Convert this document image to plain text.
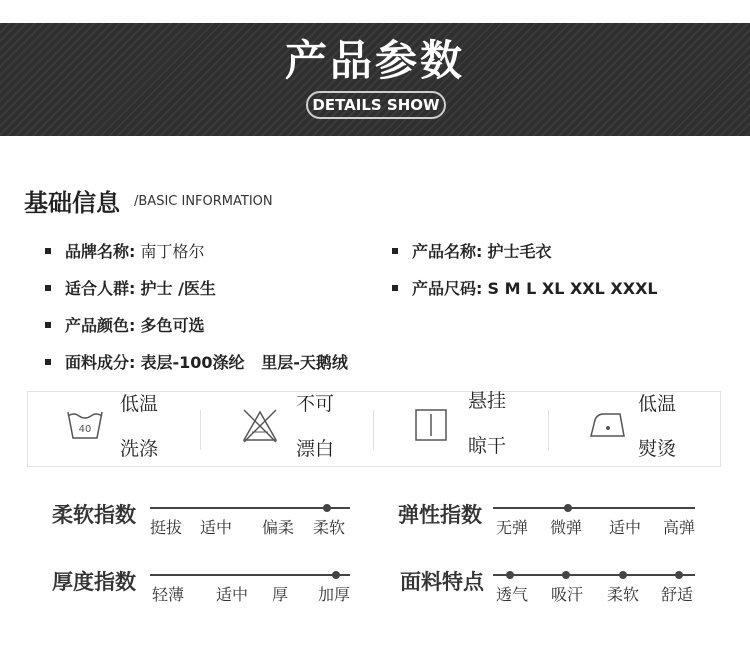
产品参数
DETAILS SHOW
基础信息 /BASIC INFORMATION
品牌名称: 南丁格尔	产品名称: 护士毛衣
适合人群: 护士 /医生	产品尺码: S M L XL XXL XXXL
产品颜色: 多色可选
面料成分: 表层-100涤纶   里层-天鹅绒
40
低温
洗涤
不可
漂白
悬挂
晾干
低温
熨烫
柔软指数
挺拔 适中 偏柔 柔软
弹性指数
无弹 微弹 适中 高弹
厚度指数
轻薄 适中 厚 加厚
面料特点
透气 吸汗 柔软 舒适
